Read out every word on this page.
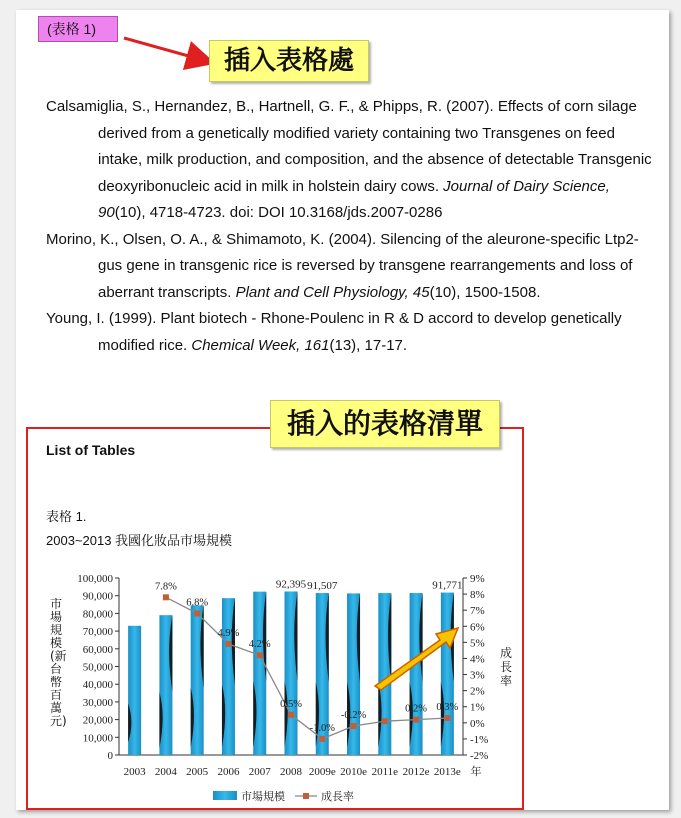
(表格 1)
插入表格處

Calsamiglia, S., Hernandez, B., Hartnell, G. F., & Phipps, R. (2007). Effects of corn silage derived from a genetically modified variety containing two Transgenes on feed intake, milk production, and composition, and the absence of detectable Transgenic deoxyribonucleic acid in milk in holstein dairy cows. Journal of Dairy Science, 90(10), 4718-4723. doi: DOI 10.3168/jds.2007-0286

Morino, K., Olsen, O. A., & Shimamoto, K. (2004). Silencing of the aleurone-specific Ltp2-gus gene in transgenic rice is reversed by transgene rearrangements and loss of aberrant transcripts. Plant and Cell Physiology, 45(10), 1500-1508.

Young, I. (1999). Plant biotech - Rhone-Poulenc in R & D accord to develop genetically modified rice. Chemical Week, 161(13), 17-17.

插入的表格清單
List of Tables
表格 1.
2003~2013 我國化妝品市場規模
市場規模(新台幣百萬元)
成長率
0
10,000
20,000
30,000
40,000
50,000
60,000
70,000
80,000
90,000
100,000
-2%
-1%
0%
1%
2%
3%
4%
5%
6%
7%
8%
9%
2003 2004 2005 2006 2007 2008 2009e 2010e 2011e 2012e 2013e 年
92,395 91,507	91,771
7.8%
6.8%
4.9%
4.2%
0.5%
-1.0%
-0.2%
0.2% 0.3%
市場規模	成長率
